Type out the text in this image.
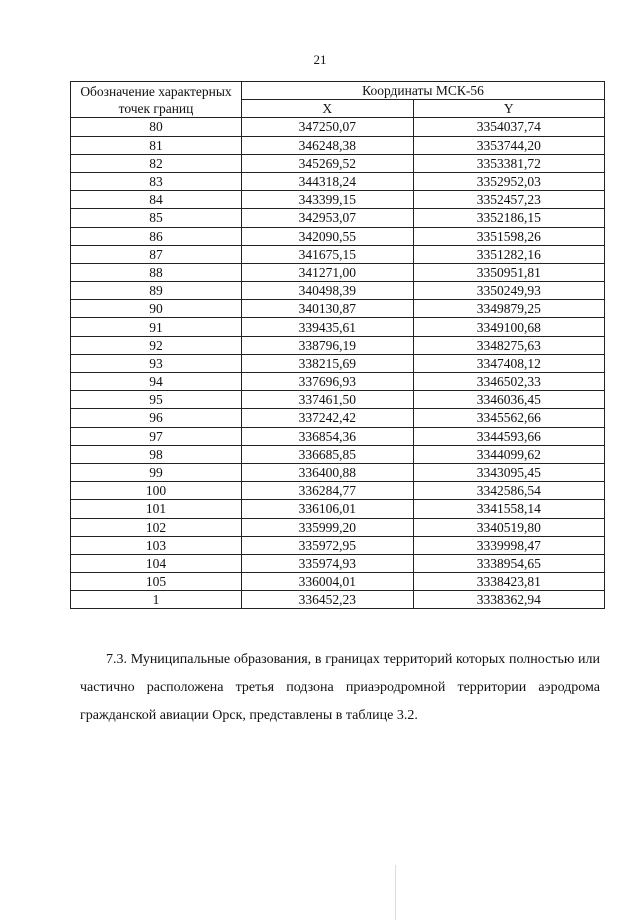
21
Обозначение характерных точек границ	Координаты МСК-56	
	X	Y
80	347250,07	3354037,74
81	346248,38	3353744,20
82	345269,52	3353381,72
83	344318,24	3352952,03
84	343399,15	3352457,23
85	342953,07	3352186,15
86	342090,55	3351598,26
87	341675,15	3351282,16
88	341271,00	3350951,81
89	340498,39	3350249,93
90	340130,87	3349879,25
91	339435,61	3349100,68
92	338796,19	3348275,63
93	338215,69	3347408,12
94	337696,93	3346502,33
95	337461,50	3346036,45
96	337242,42	3345562,66
97	336854,36	3344593,66
98	336685,85	3344099,62
99	336400,88	3343095,45
100	336284,77	3342586,54
101	336106,01	3341558,14
102	335999,20	3340519,80
103	335972,95	3339998,47
104	335974,93	3338954,65
105	336004,01	3338423,81
1	336452,23	3338362,94

7.3. Муниципальные образования, в границах территорий которых полностью или частично расположена третья подзона приаэродромной территории аэродрома гражданской авиации Орск, представлены в таблице 3.2.
